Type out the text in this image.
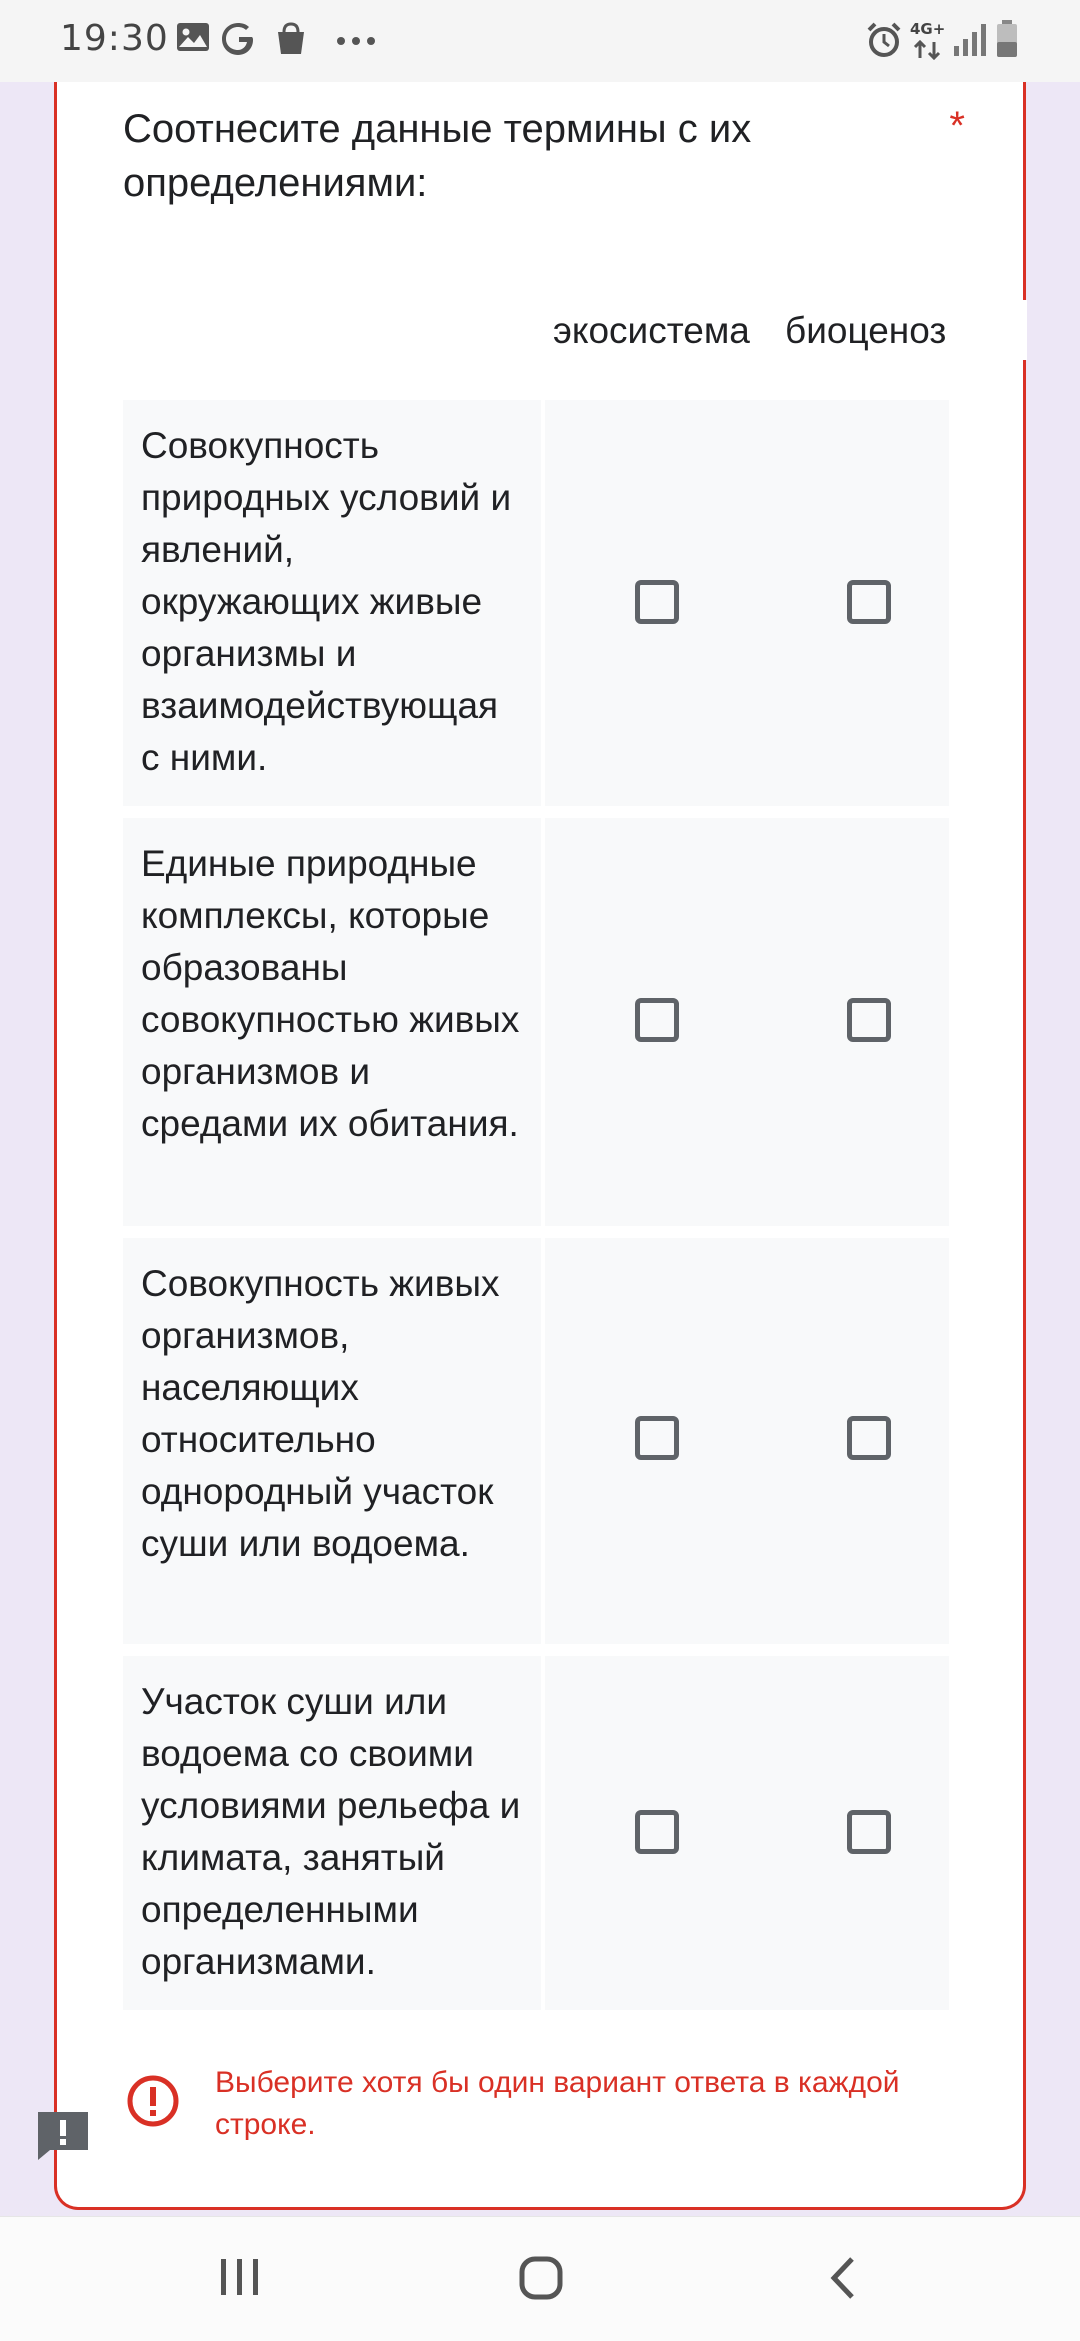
19:30	4G+
Соотнесите данные термины с их определениями:
*
экосистема биоценоз
Совокупность природных условий и явлений, окружающих живые организмы и взаимодействующая с ними.
Единые природные комплексы, которые образованы совокупностью живых организмов и средами их обитания.
Совокупность живых организмов, населяющих относительно однородный участок суши или водоема.
Участок суши или водоема со своими условиями рельефа и климата, занятый определенными организмами.
Выберите хотя бы один вариант ответа в каждой строке.
